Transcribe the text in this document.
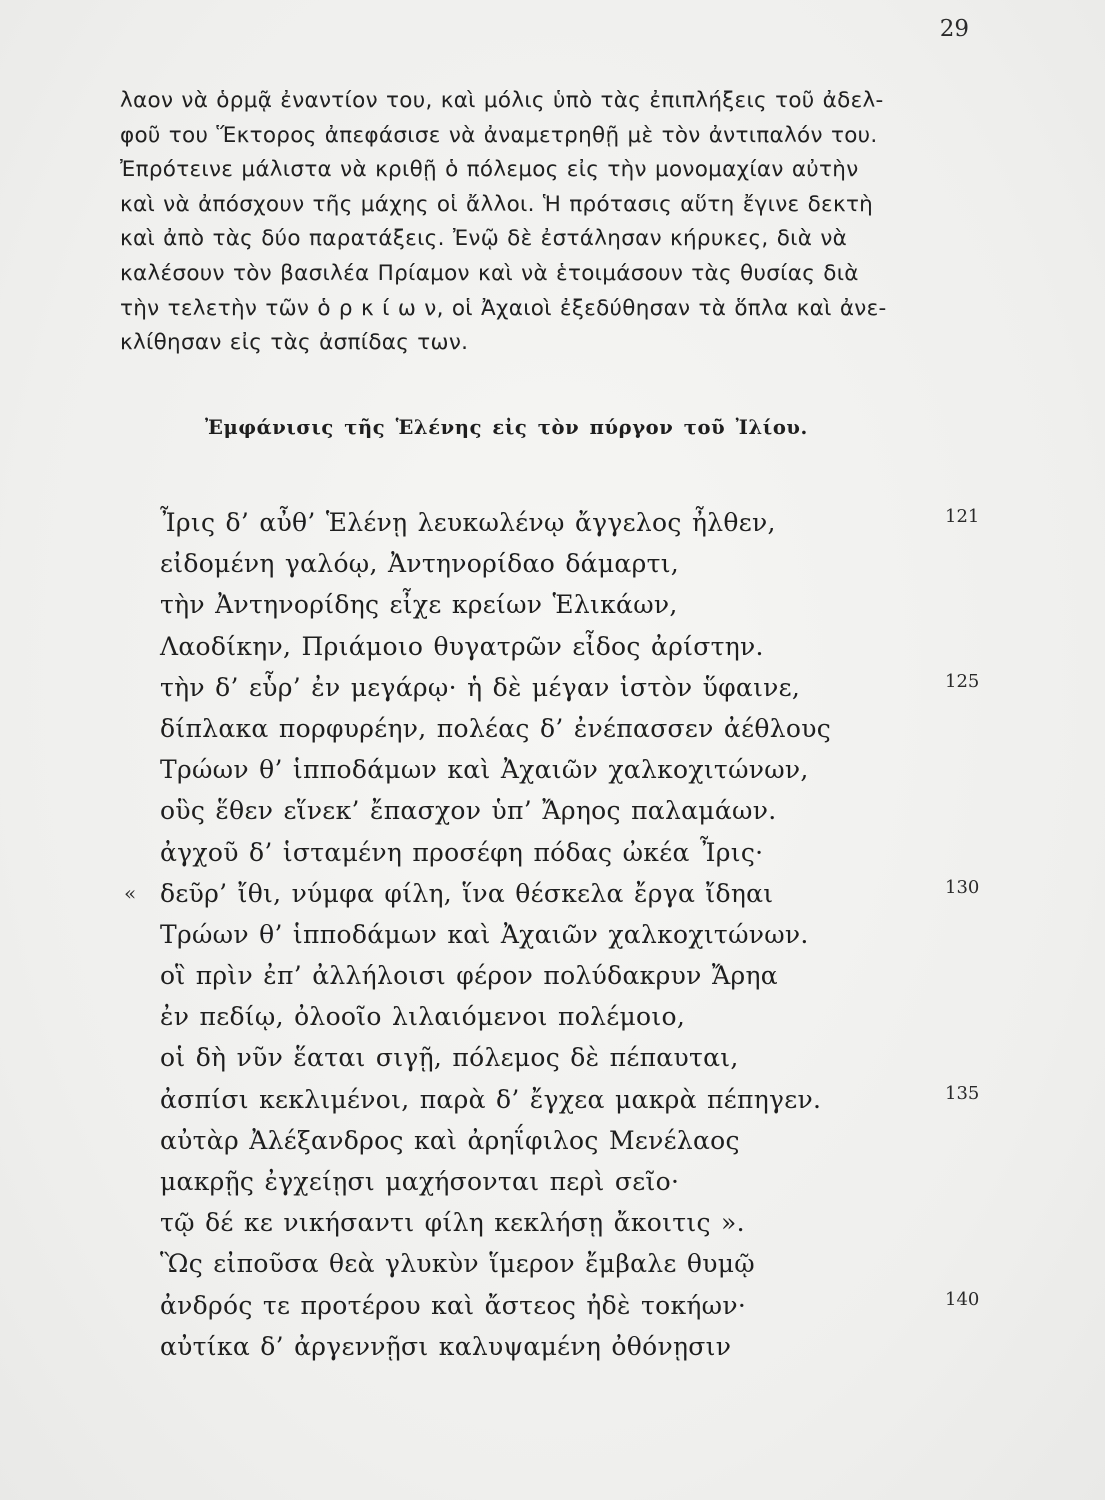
29
λαον νὰ ὁρμᾷ ἐναντίον του, καὶ μόλις ὑπὸ τὰς ἐπιπλήξεις τοῦ ἀδελ-
φοῦ του Ἕκτορος ἀπεφάσισε νὰ ἀναμετρηθῇ μὲ τὸν ἀντιπαλόν του.
Ἐπρότεινε μάλιστα νὰ κριθῇ ὁ πόλεμος εἰς τὴν μονομαχίαν αὐτὴν
καὶ νὰ ἀπόσχουν τῆς μάχης οἱ ἄλλοι. Ἡ πρότασις αὕτη ἔγινε δεκτὴ
καὶ ἀπὸ τὰς δύο παρατάξεις. Ἐνῷ δὲ ἐστάλησαν κήρυκες, διὰ νὰ
καλέσουν τὸν βασιλέα Πρίαμον καὶ νὰ ἑτοιμάσουν τὰς θυσίας διὰ
τὴν τελετὴν τῶν ὁ ρ κ ί ω ν, οἱ Ἀχαιοὶ ἐξεδύθησαν τὰ ὅπλα καὶ ἀνε-
κλίθησαν εἰς τὰς ἀσπίδας των.
Ἐμφάνισις τῆς Ἑλένης εἰς τὸν πύργον τοῦ Ἰλίου.
Ἶρις δ’ αὖθ’ Ἑλένῃ λευκωλένῳ ἄγγελος ἦλθεν,	121
εἰδομένη γαλόῳ, Ἀντηνορίδαο δάμαρτι,
τὴν Ἀντηνορίδης εἶχε κρείων Ἑλικάων,
Λαοδίκην, Πριάμοιο θυγατρῶν εἶδος ἀρίστην.
τὴν δ’ εὗρ’ ἐν μεγάρῳ· ἡ δὲ μέγαν ἱστὸν ὕφαινε,	125
δίπλακα πορφυρέην, πολέας δ’ ἐνέπασσεν ἀέθλους
Τρώων θ’ ἱπποδάμων καὶ Ἀχαιῶν χαλκοχιτώνων,
οὓς ἕθεν εἵνεκ’ ἔπασχον ὑπ’ Ἄρηος παλαμάων.
ἀγχοῦ δ’ ἱσταμένη προσέφη πόδας ὠκέα Ἶρις·
« δεῦρ’ ἴθι, νύμφα φίλη, ἵνα θέσκελα ἔργα ἴδηαι	130
Τρώων θ’ ἱπποδάμων καὶ Ἀχαιῶν χαλκοχιτώνων.
οἳ πρὶν ἐπ’ ἀλλήλοισι φέρον πολύδακρυν Ἄρηα
ἐν πεδίῳ, ὀλοοῖο λιλαιόμενοι πολέμοιο,
οἱ δὴ νῦν ἕαται σιγῇ, πόλεμος δὲ πέπαυται,
ἀσπίσι κεκλιμένοι, παρὰ δ’ ἔγχεα μακρὰ πέπηγεν.	135
αὐτὰρ Ἀλέξανδρος καὶ ἀρηΐφιλος Μενέλαος
μακρῇς ἐγχείῃσι μαχήσονται περὶ σεῖο·
τῷ δέ κε νικήσαντι φίλη κεκλήσῃ ἄκοιτις ».
Ὣς εἰποῦσα θεὰ γλυκὺν ἵμερον ἔμβαλε θυμῷ
ἀνδρός τε προτέρου καὶ ἄστεος ἠδὲ τοκήων·	140
αὐτίκα δ’ ἀργεννῇσι καλυψαμένη ὀθόνῃσιν
